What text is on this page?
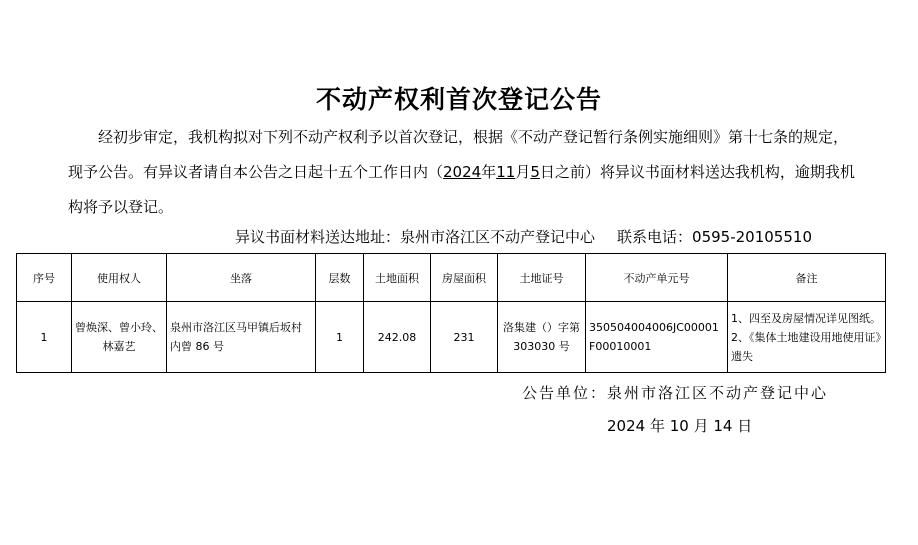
不动产权利首次登记公告
经初步审定，我机构拟对下列不动产权利予以首次登记，根据《不动产登记暂行条例实施细则》第十七条的规定，现予公告。有异议者请自本公告之日起十五个工作日内（2024年11月5日之前）将异议书面材料送达我机构，逾期我机构将予以登记。
异议书面材料送达地址：泉州市洛江区不动产登记中心 联系电话：0595-20105510
序号	使用权人	坐落	层数	土地面积	房屋面积	土地证号	不动产单元号	备注
1	曾焕深、曾小玲、林嘉艺	泉州市洛江区马甲镇后坂村内曾 86 号	1	242.08	231	洛集建（）字第 303030 号	350504004006JC00001F00010001	1、四至及房屋情况详见图纸。2、《集体土地建设用地使用证》遗失
公告单位：泉州市洛江区不动产登记中心
2024 年 10 月 14 日
